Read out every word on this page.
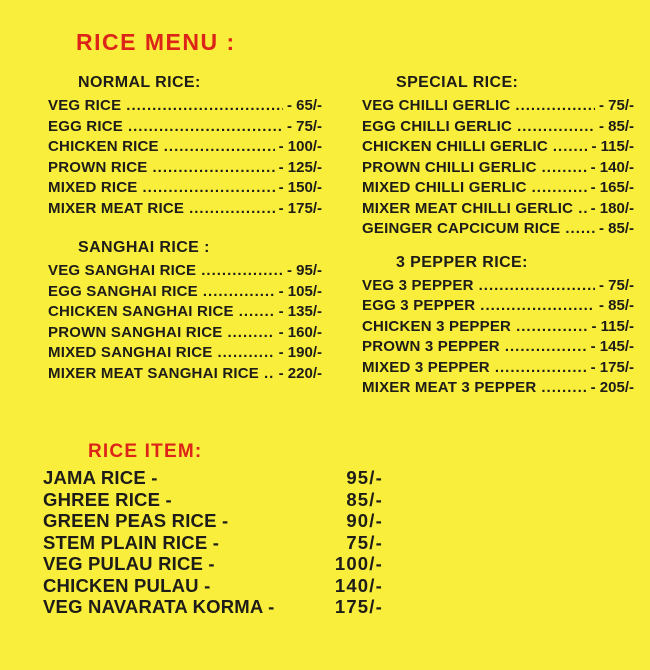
RICE MENU :
NORMAL RICE:
VEG RICE .....	- 65/-
EGG RICE .....	- 75/-
CHICKEN RICE .....	- 100/-
PROWN RICE .....	- 125/-
MIXED RICE .....	- 150/-
MIXER MEAT RICE .....	- 175/-
SANGHAI RICE :
VEG SANGHAI RICE .....	- 95/-
EGG SANGHAI RICE .....	- 105/-
CHICKEN SANGHAI RICE .....	- 135/-
PROWN SANGHAI RICE .....	- 160/-
MIXED SANGHAI RICE .....	- 190/-
MIXER MEAT SANGHAI RICE ..... - 220/-
SPECIAL RICE:
VEG CHILLI GERLIC .....	- 75/-
EGG CHILLI GERLIC .....	- 85/-
CHICKEN CHILLI GERLIC .....	- 115/-
PROWN CHILLI GERLIC .....	- 140/-
MIXED CHILLI GERLIC .....	- 165/-
MIXER MEAT CHILLI GERLIC ..... - 180/-
GEINGER CAPCICUM RICE .....	- 85/-
3 PEPPER RICE:
VEG 3 PEPPER .....	- 75/-
EGG 3 PEPPER .....	- 85/-
CHICKEN 3 PEPPER .....	- 115/-
PROWN 3 PEPPER .....	- 145/-
MIXED 3 PEPPER .....	- 175/-
MIXER MEAT 3 PEPPER .....	- 205/-
RICE ITEM:
JAMA RICE -	95/-
GHREE RICE -	85/-
GREEN PEAS RICE -	90/-
STEM PLAIN RICE -	75/-
VEG PULAU RICE -	100/-
CHICKEN PULAU -	140/-
VEG NAVARATA KORMA -	175/-
